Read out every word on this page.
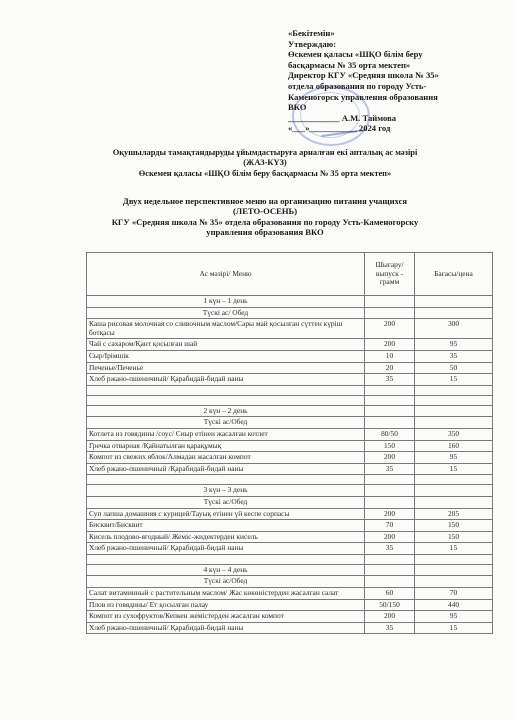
«Бекітемін»
Утверждаю:
Өскемен қаласы «ШҚО білім беру
басқармасы № 35 орта мектеп»
Директор КГУ «Средняя школа № 35»
отдела образования по городу Усть-
Каменогорск управления образования
ВКО
____________ А.М. Таймова
«___»___________ 2024 год
Оқушыларды тамақтандыруды ұйымдастыруға арналған екі апталық ас мәзірі
(ЖАЗ-КҮЗ)
Өскемен қаласы «ШҚО білім беру басқармасы № 35 орта мектеп»
Двух недельное перспективное меню на организацию питания учащихся
(ЛЕТО-ОСЕНЬ)
КГУ «Средняя школа № 35» отдела образования по городу Усть-Каменогорску
управления образования ВКО
Ас мәзірі/ Меню	Шығару/ выпуск - грамм	Бағасы/цена
1 күн – 1 день		
Түскі ас/ Обед		
Каша рисовая молочная со сливочным маслом/Сары май қосылған сүттен күріш ботқасы	200	300
Чай с сахаром/Қант қосылған шай	200	95
Сыр/Ірімшік	10	35
Печенье/Печенье	20	50
Хлеб ржано-пшеничный/ Қарабидай-бидай наны	35	15

2 күн – 2 день		
Түскі ас/Обед		
Котлета из говядины /соус/ Сиыр етінен жасалған котлет	80/50	350
Гречка отварная /Қайнатылған қарақұмық	150	160
Компот из свежих яблок/Алмадан жасалған компот	200	95
Хлеб ржано-пшеничный /Қарабидай-бидай наны	35	15

3 күн – 3 день		
Түскі ас/Обед		
Суп лапша домашняя с курицей/Тауық етінен үй кеспе сорпасы	200	205
Бисквит/Бисквит	70	150
Кисель плодово-ягодный/ Жеміс-жидектерден кисель	200	150
Хлеб ржано-пшеничный/ Қарабидай-бидай наны	35	15

4 күн – 4 день		
Түскі ас/Обед		
Салат витаминный с растительным маслом/ Жас көкөністерден жасалған салат	60	70
Плов из говядины/ Ет қосылған палау	50/150	440
Компот из сухофруктов/Кепкен жемістерден жасалған компот	200	95
Хлеб ржано-пшеничный/ Қарабидай-бидай наны	35	15
